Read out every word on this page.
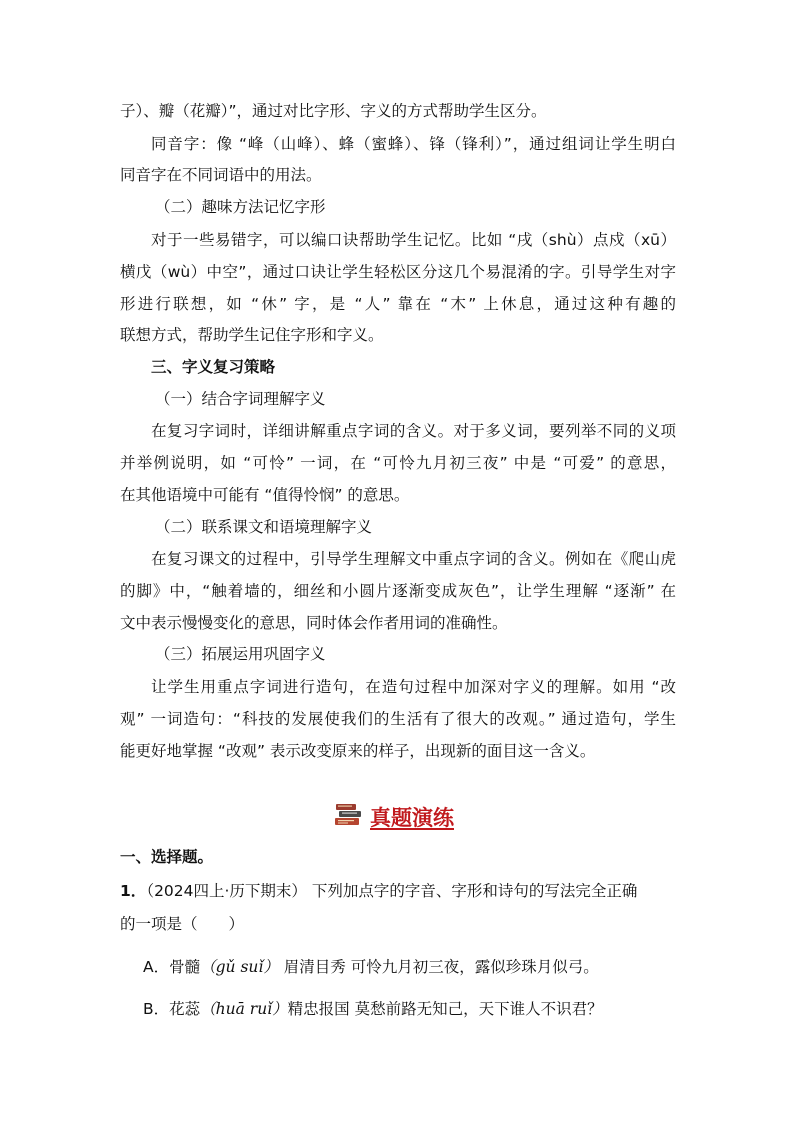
子）、瓣（花瓣）”，通过对比字形、字义的方式帮助学生区分。
同音字：像 “峰（山峰）、蜂（蜜蜂）、锋（锋利）”，通过组词让学生明白
同音字在不同词语中的用法。
（二）趣味方法记忆字形
对于一些易错字，可以编口诀帮助学生记忆。比如 “戌（shù）点戍（xū）
横戊（wù）中空”，通过口诀让学生轻松区分这几个易混淆的字。引导学生对字
形进行联想，如 “休” 字，是 “人” 靠在 “木” 上休息，通过这种有趣的
联想方式，帮助学生记住字形和字义。
三、字义复习策略
（一）结合字词理解字义
在复习字词时，详细讲解重点字词的含义。对于多义词，要列举不同的义项
并举例说明，如 “可怜” 一词，在 “可怜九月初三夜” 中是 “可爱” 的意思，
在其他语境中可能有 “值得怜悯” 的意思。
（二）联系课文和语境理解字义
在复习课文的过程中，引导学生理解文中重点字词的含义。例如在《爬山虎
的脚》中，“触着墙的，细丝和小圆片逐渐变成灰色”，让学生理解 “逐渐” 在
文中表示慢慢变化的意思，同时体会作者用词的准确性。
（三）拓展运用巩固字义
让学生用重点字词进行造句，在造句过程中加深对字义的理解。如用 “改
观” 一词造句：“科技的发展使我们的生活有了很大的改观。” 通过造句，学生
能更好地掌握 “改观” 表示改变原来的样子，出现新的面目这一含义。
真题演练
一、选择题。
1．（2024四上·历下期末） 下列加点字的字音、字形和诗句的写法完全正确
的一项是（　　）
A．骨髓（gǔ suǐ） 眉清目秀 可怜九月初三夜，露似珍珠月似弓。
B．花蕊（huā ruǐ）精忠报国 莫愁前路无知己，天下谁人不识君？
